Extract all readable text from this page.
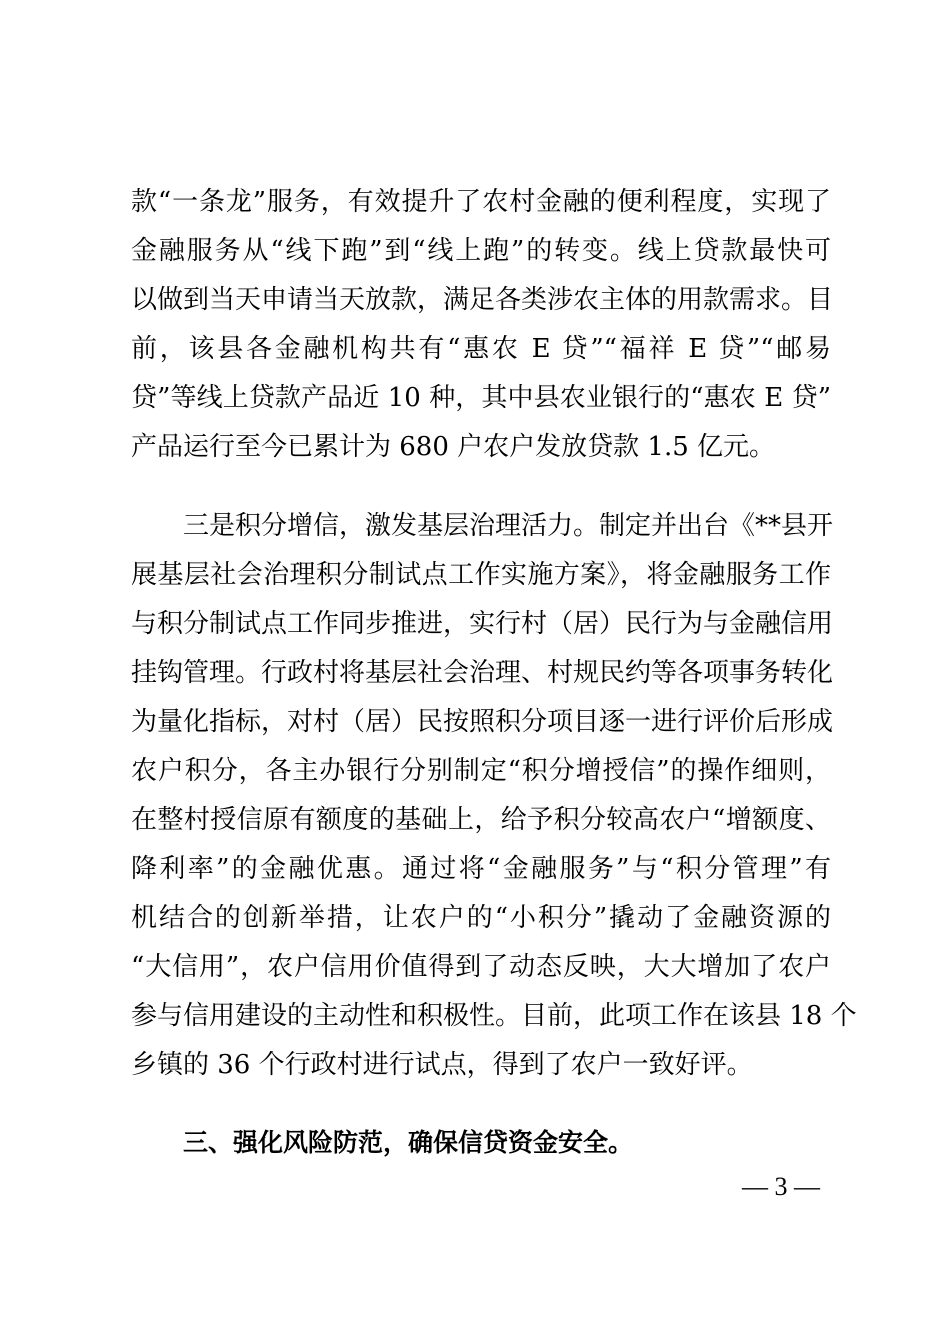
款“一条龙”服务，有效提升了农村金融的便利程度，实现了
金融服务从“线下跑”到“线上跑”的转变。线上贷款最快可
以做到当天申请当天放款，满足各类涉农主体的用款需求。目
前，该县各金融机构共有“惠农 E 贷”“福祥 E 贷”“邮易
贷”等线上贷款产品近 10 种，其中县农业银行的“惠农 E 贷”
产品运行至今已累计为 680 户农户发放贷款 1.5 亿元。
三是积分增信，激发基层治理活力。制定并出台《**县开
展基层社会治理积分制试点工作实施方案》，将金融服务工作
与积分制试点工作同步推进，实行村（居）民行为与金融信用
挂钩管理。行政村将基层社会治理、村规民约等各项事务转化
为量化指标，对村（居）民按照积分项目逐一进行评价后形成
农户积分，各主办银行分别制定“积分增授信”的操作细则，
在整村授信原有额度的基础上，给予积分较高农户“增额度、
降利率”的金融优惠。通过将“金融服务”与“积分管理”有
机结合的创新举措，让农户的“小积分”撬动了金融资源的
“大信用”，农户信用价值得到了动态反映，大大增加了农户
参与信用建设的主动性和积极性。目前，此项工作在该县 18 个
乡镇的 36 个行政村进行试点，得到了农户一致好评。
三、强化风险防范，确保信贷资金安全。
— 3 —
